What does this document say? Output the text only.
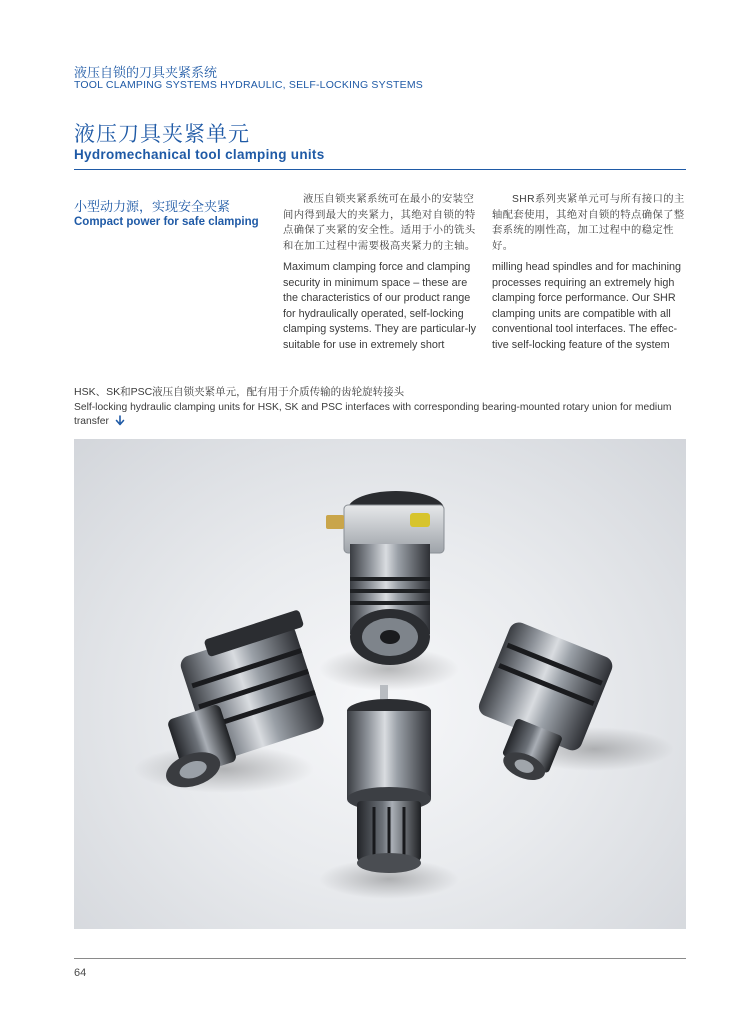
液压自锁的刀具夹紧系统
TOOL CLAMPING SYSTEMS HYDRAULIC, SELF-LOCKING SYSTEMS
液压刀具夹紧单元
Hydromechanical tool clamping units
小型动力源，实现安全夹紧
Compact power for safe clamping

液压自锁夹紧系统可在最小的安装空间内得到最大的夹紧力，其绝对自锁的特点确保了夹紧的安全性。适用于小的铣头和在加工过程中需要极高夹紧力的主轴。

Maximum clamping force and clamping security in minimum space – these are the characteristics of our product range for hydraulically operated, self-locking clamping systems. They are particular-ly suitable for use in extremely short

SHR系列夹紧单元可与所有接口的主轴配套使用，其绝对自锁的特点确保了整套系统的刚性高，加工过程中的稳定性好。

milling head spindles and for machining processes requiring an extremely high clamping force performance. Our SHR clamping units are compatible with all conventional tool interfaces. The effec-tive self-locking feature of the system

HSK、SK和PSC液压自锁夹紧单元，配有用于介质传输的齿轮旋转接头
Self-locking hydraulic clamping units for HSK, SK and PSC interfaces with corresponding bearing-mounted rotary union for medium transfer
64
